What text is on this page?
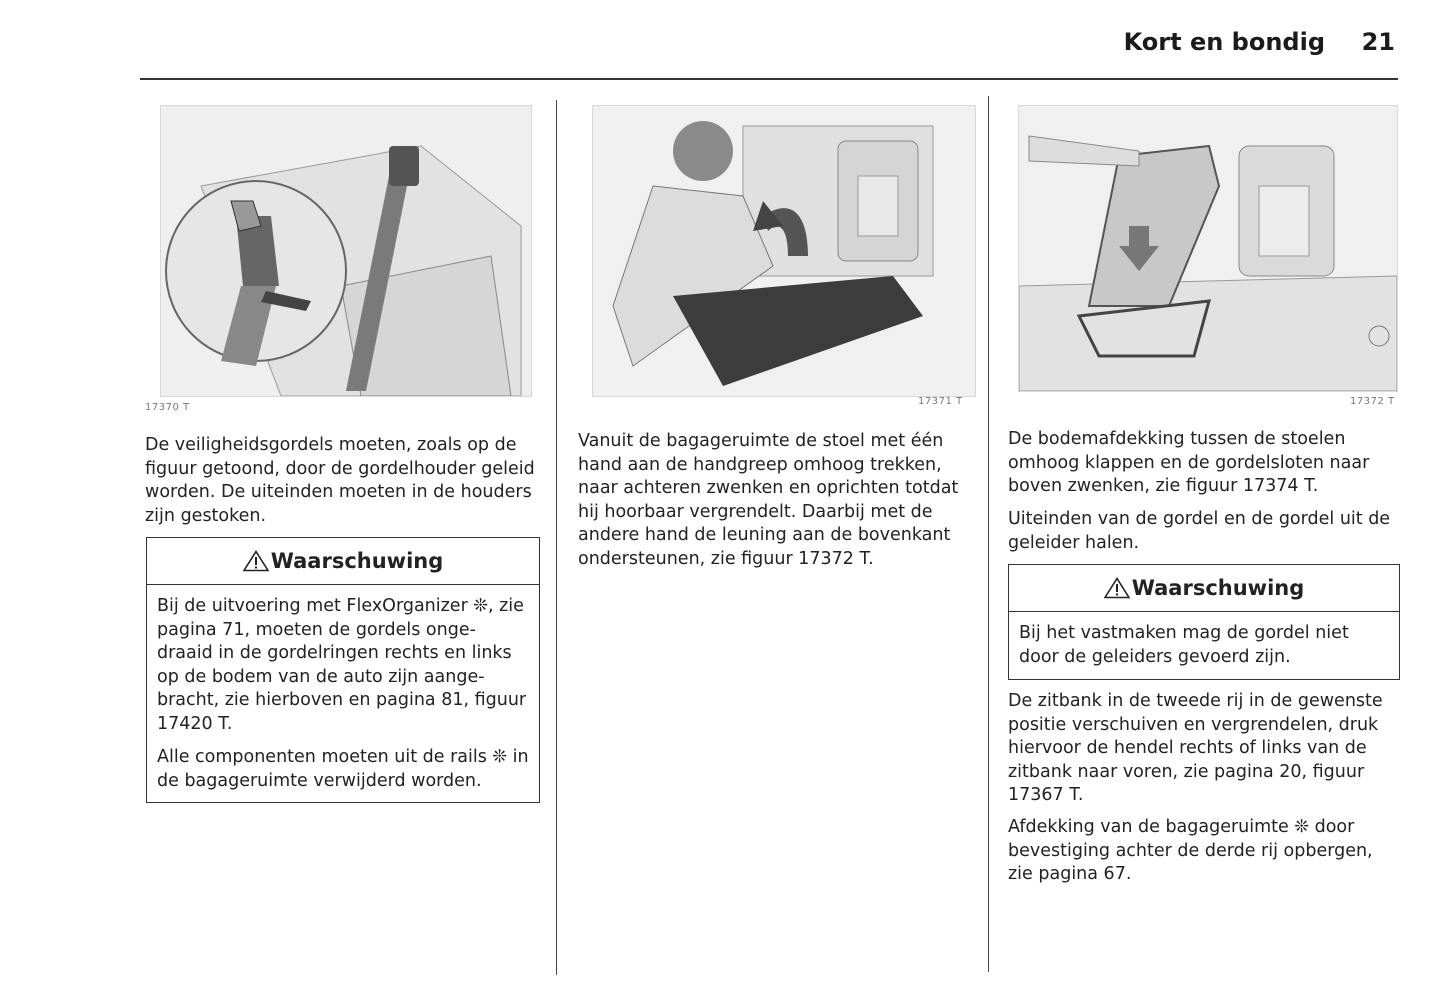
Kort en bondig 21
17370 T
17371 T	17372 T

De veiligheidsgordels moeten, zoals op de figuur getoond, door de gordelhouder geleid worden. De uiteinden moeten in de houders zijn gestoken.

Waarschuwing

Bij de uitvoering met FlexOrganizer ❊, zie pagina 71, moeten de gordels onge-draaid in de gordelringen rechts en links op de bodem van de auto zijn aange-bracht, zie hierboven en pagina 81, figuur 17420 T.

Alle componenten moeten uit de rails ❊ in de bagageruimte verwijderd worden.

Vanuit de bagageruimte de stoel met één hand aan de handgreep omhoog trekken, naar achteren zwenken en oprichten totdat hij hoorbaar vergrendelt. Daarbij met de andere hand de leuning aan de bovenkant ondersteunen, zie figuur 17372 T.

De bodemafdekking tussen de stoelen omhoog klappen en de gordelsloten naar boven zwenken, zie figuur 17374 T.

Uiteinden van de gordel en de gordel uit de geleider halen.

Waarschuwing

Bij het vastmaken mag de gordel niet door de geleiders gevoerd zijn.

De zitbank in de tweede rij in de gewenste positie verschuiven en vergrendelen, druk hiervoor de hendel rechts of links van de zitbank naar voren, zie pagina 20, figuur 17367 T.

Afdekking van de bagageruimte ❊ door bevestiging achter de derde rij opbergen, zie pagina 67.
